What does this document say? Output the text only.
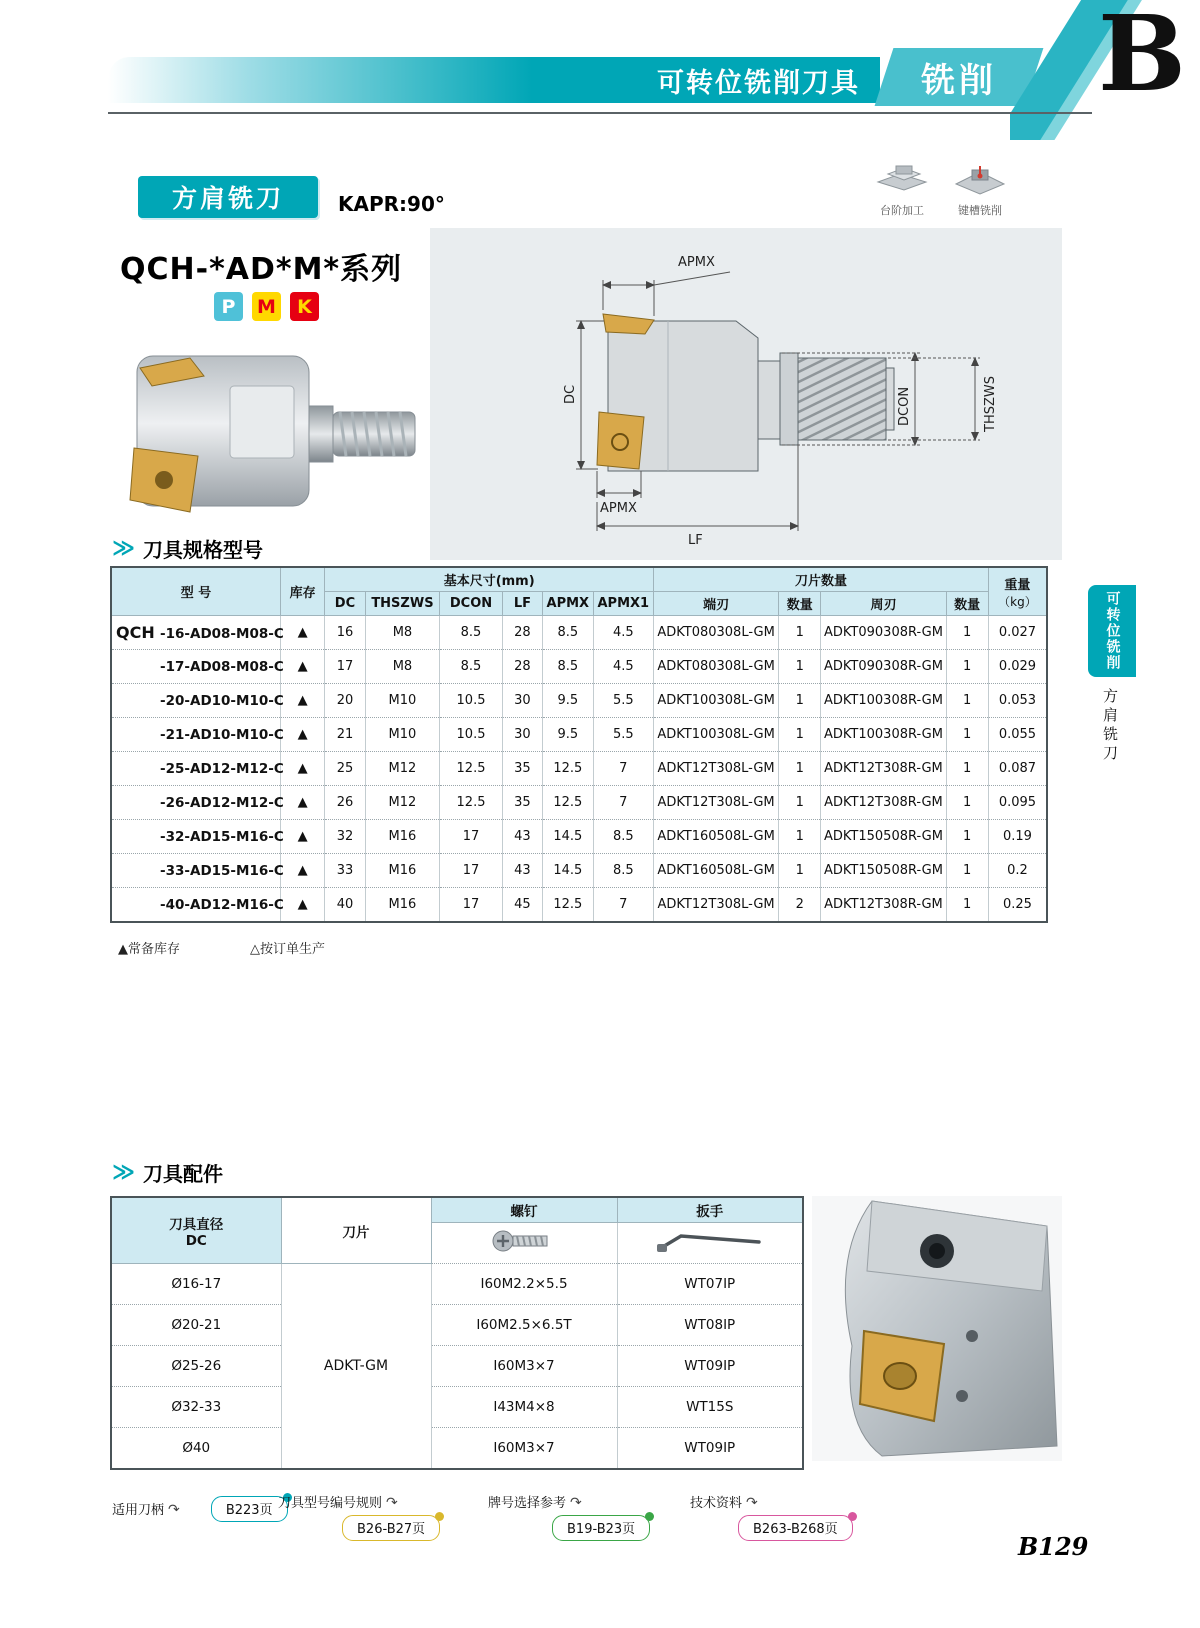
可转位铣削刀具 铣削 B
方肩铣刀	KAPR:90°	台阶加工	键槽铣削
QCH-*AD*M*系列
P	M	K
APMX
DC
APMX
LF
DCON	THSZWS
≫ 刀具规格型号
型 号	库存	基本尺寸(mm)						刀片数量				重量
（kg）

		DC	THSZWS	DCON	LF	APMX	APMX1	端刃	数量	周刃	数量	
QCH -16-AD08-M08-C	▲	16	M8	8.5	28	8.5	4.5	ADKT080308L-GM	1	ADKT090308R-GM	1	0.027
-17-AD08-M08-C	▲	17	M8	8.5	28	8.5	4.5	ADKT080308L-GM	1	ADKT090308R-GM	1	0.029
-20-AD10-M10-C	▲	20	M10	10.5	30	9.5	5.5	ADKT100308L-GM	1	ADKT100308R-GM	1	0.053
-21-AD10-M10-C	▲	21	M10	10.5	30	9.5	5.5	ADKT100308L-GM	1	ADKT100308R-GM	1	0.055
-25-AD12-M12-C	▲	25	M12	12.5	35	12.5	7	ADKT12T308L-GM	1	ADKT12T308R-GM	1	0.087
-26-AD12-M12-C	▲	26	M12	12.5	35	12.5	7	ADKT12T308L-GM	1	ADKT12T308R-GM	1	0.095
-32-AD15-M16-C	▲	32	M16	17	43	14.5	8.5	ADKT160508L-GM	1	ADKT150508R-GM	1	0.19
-33-AD15-M16-C	▲	33	M16	17	43	14.5	8.5	ADKT160508L-GM	1	ADKT150508R-GM	1	0.2
-40-AD12-M16-C	▲	40	M16	17	45	12.5	7	ADKT12T308L-GM	2	ADKT12T308R-GM	1	0.25
▲常备库存	△按订单生产
可转位铣削
方肩铣刀
≫ 刀具配件
刀具直径
DC	刀片	螺钉	扳手

Ø16-17	ADKT-GM	I60M2.2×5.5	WT07IP
Ø20-21		I60M2.5×6.5T	WT08IP
Ø25-26		I60M3×7	WT09IP
Ø32-33		I43M4×8	WT15S
Ø40		I60M3×7	WT09IP
适用刀柄 ↷	B223页 刀具型号编号规则 ↷ B26-B27页
牌号选择参考 ↷ B19-B23页
技术资料 ↷ B263-B268页
B129
